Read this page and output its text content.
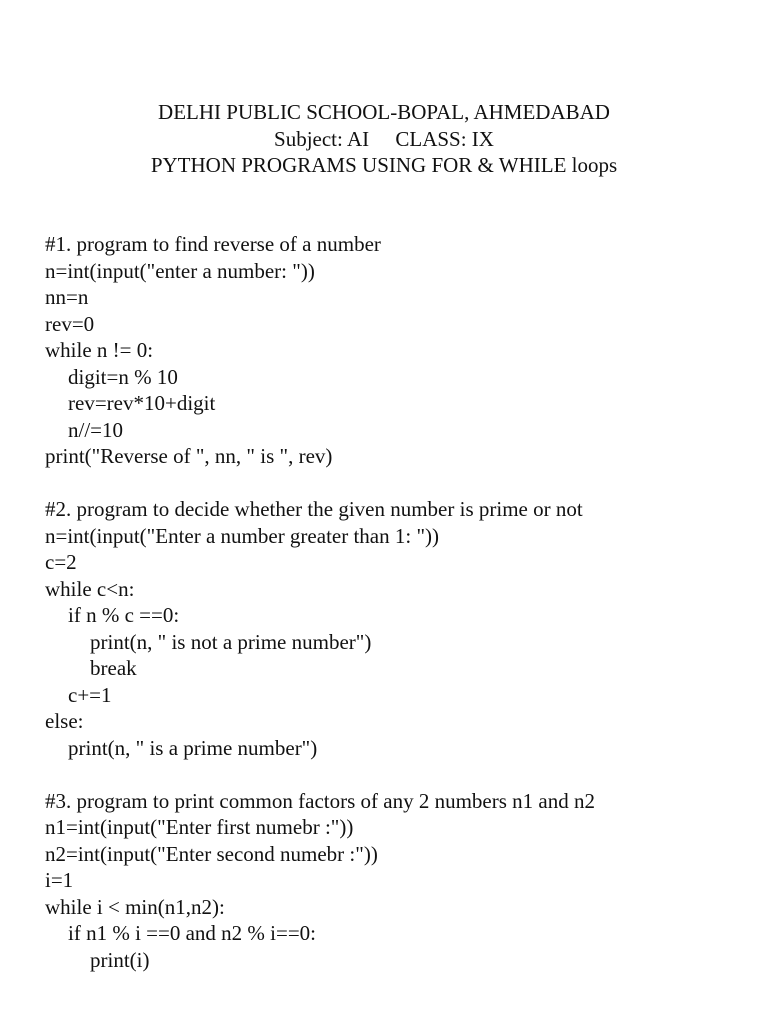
DELHI PUBLIC SCHOOL-BOPAL, AHMEDABAD
Subject: AI     CLASS: IX
PYTHON PROGRAMS USING FOR & WHILE loops
#1. program to find reverse of a number
n=int(input("enter a number: "))
nn=n
rev=0
while n != 0:
digit=n % 10
rev=rev*10+digit
n//=10
print("Reverse of ", nn, " is ", rev)
#2. program to decide whether the given number is prime or not
n=int(input("Enter a number greater than 1: "))
c=2
while c<n:
if n % c ==0:
print(n, " is not a prime number")
break
c+=1
else:
print(n, " is a prime number")
#3. program to print common factors of any 2 numbers n1 and n2
n1=int(input("Enter first numebr :"))
n2=int(input("Enter second numebr :"))
i=1
while i < min(n1,n2):
if n1 % i ==0 and n2 % i==0:
print(i)
